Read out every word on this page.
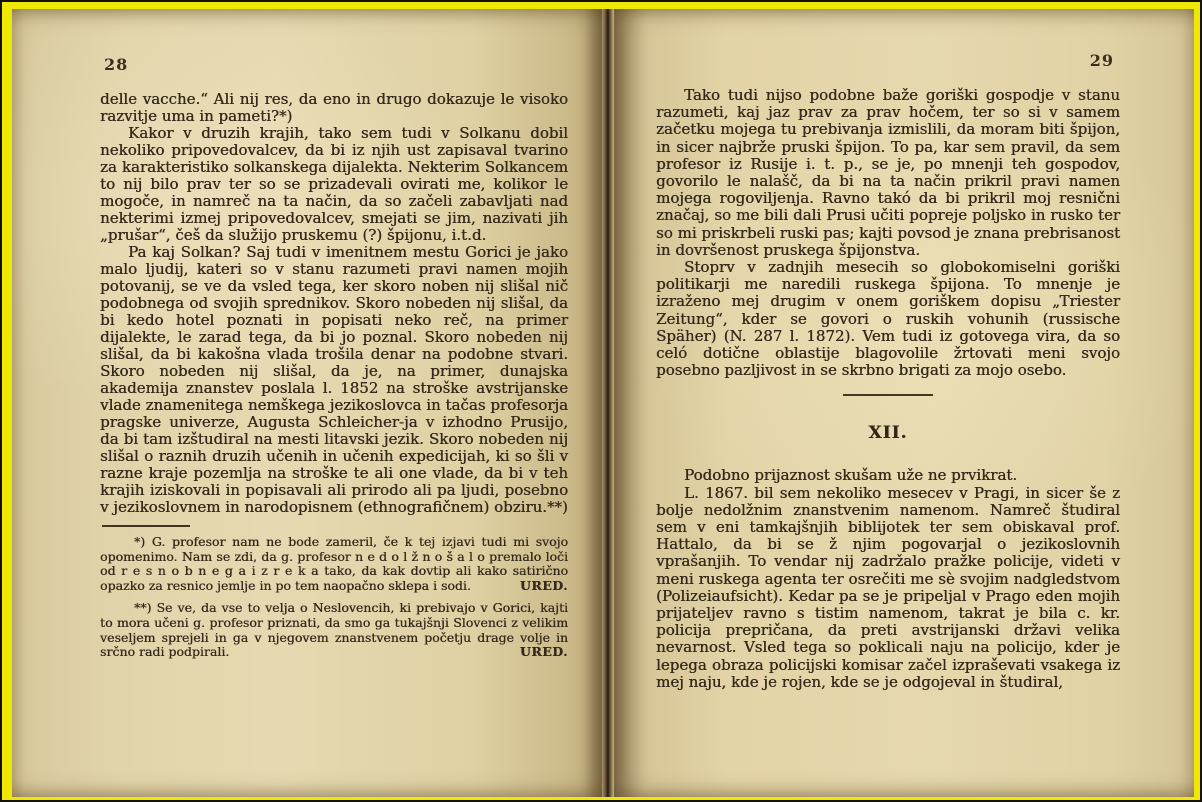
28

delle vacche.“ Ali nij res, da eno in drugo dokazuje le visoko razvitje uma in pameti?*)

Kakor v druzih krajih, tako sem tudi v Solkanu dobil nekoliko pripovedovalcev, da bi iz njih ust zapisaval tvarino za karakteristiko solkanskega dijalekta. Nekterim Solkancem to nij bilo prav ter so se prizadevali ovirati me, kolikor le mogoče, in namreč na ta način, da so začeli zabavljati nad nekterimi izmej pripovedovalcev, smejati se jim, nazivati jih „prušar“, češ da služijo pruskemu (?) špijonu, i.t.d.

Pa kaj Solkan? Saj tudi v imenitnem mestu Gorici je jako malo ljudij, kateri so v stanu razumeti pravi namen mojih potovanij, se ve da vsled tega, ker skoro noben nij slišal nič podobnega od svojih sprednikov. Skoro nobeden nij slišal, da bi kedo hotel poznati in popisati neko reč, na primer dijalekte, le zarad tega, da bi jo poznal. Skoro nobeden nij slišal, da bi kakošna vlada trošila denar na podobne stvari. Skoro nobeden nij slišal, da je, na primer, dunajska akademija znanstev poslala l. 1852 na stroške avstrijanske vlade znamenitega nemškega jezikoslovca in tačas profesorja pragske univerze, Augusta Schleicher-ja v izhodno Prusijo, da bi tam izštudiral na mesti litavski jezik. Skoro nobeden nij slišal o raznih druzih učenih in učenih expedicijah, ki so šli v razne kraje pozemlja na stroške te ali one vlade, da bi v teh krajih iziskovali in popisavali ali prirodo ali pa ljudi, posebno v jezikoslovnem in narodopisnem (ethnografičnem) obziru.**)

*) G. profesor nam ne bode zameril, če k tej izjavi tudi mi svojo opomenimo. Nam se zdi, da g. profesor n e d o l ž n o š a l o premalo loči od r e s n o b n e g a i z r e k a tako, da kak dovtip ali kako satirično opazko za resnico jemlje in po tem naopačno sklepa i sodi.	URED.

**) Se ve, da vse to velja o Neslovencih, ki prebivajo v Gorici, kajti to mora učeni g. profesor priznati, da smo ga tukajšnji Slovenci z velikim veseljem sprejeli in ga v njegovem znanstvenem početju drage volje in srčno radi podpirali.	URED.

29

Tako tudi nijso podobne baže goriški gospodje v stanu razumeti, kaj jaz prav za prav hočem, ter so si v samem začetku mojega tu prebivanja izmislili, da moram biti špijon, in sicer najbrže pruski špijon. To pa, kar sem pravil, da sem profesor iz Rusije i. t. p., se je, po mnenji teh gospodov, govorilo le nalašč, da bi na ta način prikril pravi namen mojega rogoviljenja. Ravno takó da bi prikril moj resnični značaj, so me bili dali Prusi učiti popreje poljsko in rusko ter so mi priskrbeli ruski pas; kajti povsod je znana prebrisanost in dovršenost pruskega špijonstva.

Stoprv v zadnjih mesecih so globokomiselni goriški politikarji me naredili ruskega špijona. To mnenje je izraženo mej drugim v onem goriškem dopisu „Triester Zeitung“, kder se govori o ruskih vohunih (russische Späher) (N. 287 l. 1872). Vem tudi iz gotovega vira, da so celó dotične oblastije blagovolile žrtovati meni svojo posebno pazljivost in se skrbno brigati za mojo osebo.

XII.

Podobno prijaznost skušam uže ne prvikrat.

L. 1867. bil sem nekoliko mesecev v Pragi, in sicer še z bolje nedolžnim znanstvenim namenom. Namreč študiral sem v eni tamkajšnjih biblijotek ter sem obiskaval prof. Hattalo, da bi se ž njim pogovarjal o jezikoslovnih vprašanjih. To vendar nij zadržalo pražke policije, videti v meni ruskega agenta ter osrečiti me sè svojim nadgledstvom (Polizeiaufsicht). Kedar pa se je pripeljal v Prago eden mojih prijateljev ravno s tistim namenom, takrat je bila c. kr. policija prepričana, da preti avstrijanski državi velika nevarnost. Vsled tega so poklicali naju na policijo, kder je lepega obraza policijski komisar začel izpraševati vsakega iz mej naju, kde je rojen, kde se je odgojeval in študiral,
